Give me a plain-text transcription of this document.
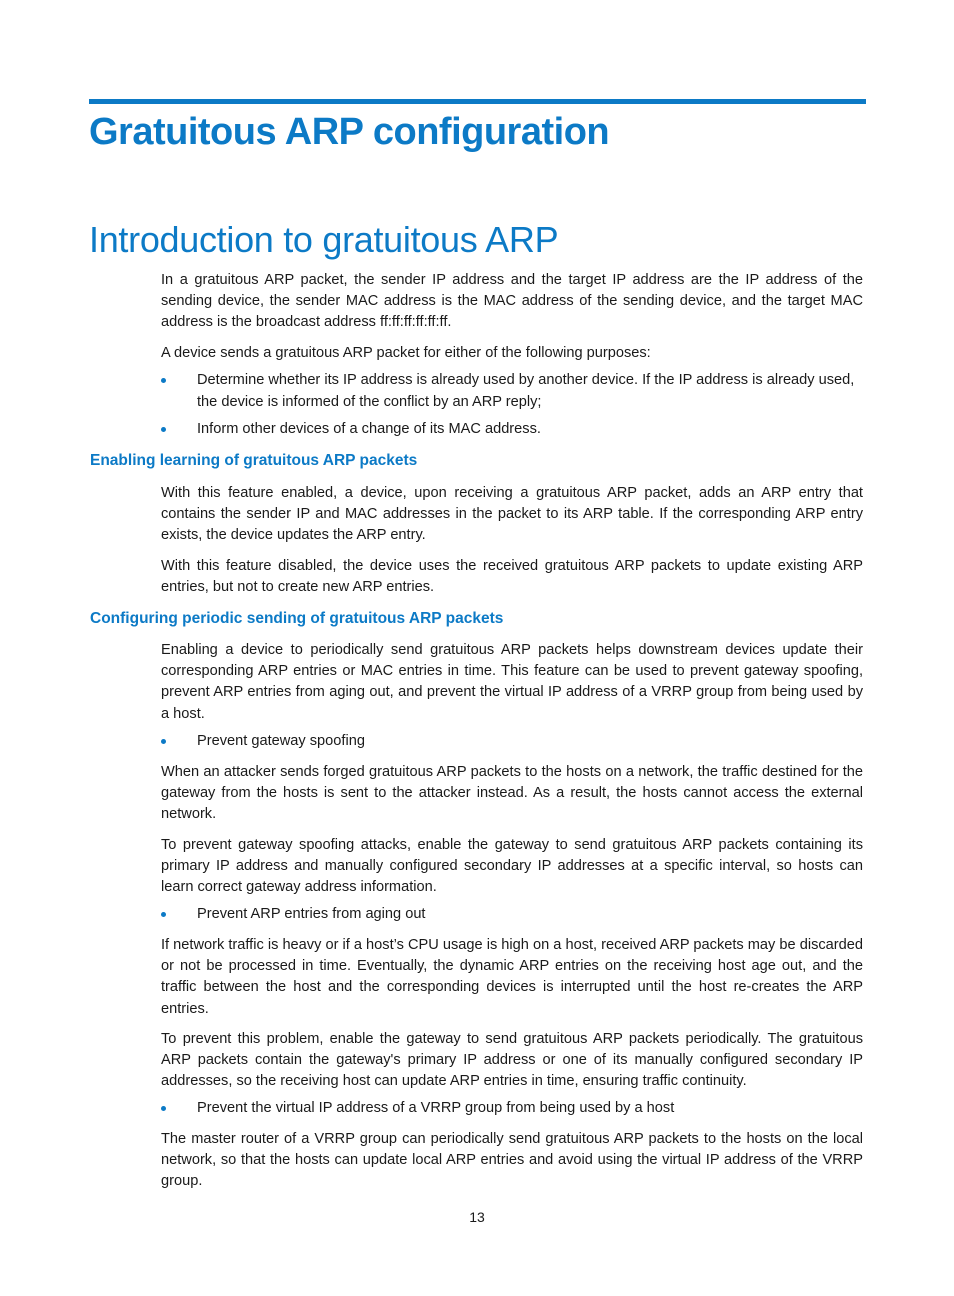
Gratuitous ARP configuration
Introduction to gratuitous ARP

In a gratuitous ARP packet, the sender IP address and the target IP address are the IP address of the sending device, the sender MAC address is the MAC address of the sending device, and the target MAC address is the broadcast address ff:ff:ff:ff:ff:ff.

A device sends a gratuitous ARP packet for either of the following purposes:

Determine whether its IP address is already used by another device. If the IP address is already used, the device is informed of the conflict by an ARP reply;
Inform other devices of a change of its MAC address.
Enabling learning of gratuitous ARP packets

With this feature enabled, a device, upon receiving a gratuitous ARP packet, adds an ARP entry that contains the sender IP and MAC addresses in the packet to its ARP table. If the corresponding ARP entry exists, the device updates the ARP entry.

With this feature disabled, the device uses the received gratuitous ARP packets to update existing ARP entries, but not to create new ARP entries.

Configuring periodic sending of gratuitous ARP packets

Enabling a device to periodically send gratuitous ARP packets helps downstream devices update their corresponding ARP entries or MAC entries in time. This feature can be used to prevent gateway spoofing, prevent ARP entries from aging out, and prevent the virtual IP address of a VRRP group from being used by a host.

Prevent gateway spoofing

When an attacker sends forged gratuitous ARP packets to the hosts on a network, the traffic destined for the gateway from the hosts is sent to the attacker instead. As a result, the hosts cannot access the external network.

To prevent gateway spoofing attacks, enable the gateway to send gratuitous ARP packets containing its primary IP address and manually configured secondary IP addresses at a specific interval, so hosts can learn correct gateway address information.

Prevent ARP entries from aging out

If network traffic is heavy or if a host’s CPU usage is high on a host, received ARP packets may be discarded or not be processed in time. Eventually, the dynamic ARP entries on the receiving host age out, and the traffic between the host and the corresponding devices is interrupted until the host re-creates the ARP entries.

To prevent this problem, enable the gateway to send gratuitous ARP packets periodically. The gratuitous ARP packets contain the gateway's primary IP address or one of its manually configured secondary IP addresses, so the receiving host can update ARP entries in time, ensuring traffic continuity.

Prevent the virtual IP address of a VRRP group from being used by a host

The master router of a VRRP group can periodically send gratuitous ARP packets to the hosts on the local network, so that the hosts can update local ARP entries and avoid using the virtual IP address of the VRRP group.

13
